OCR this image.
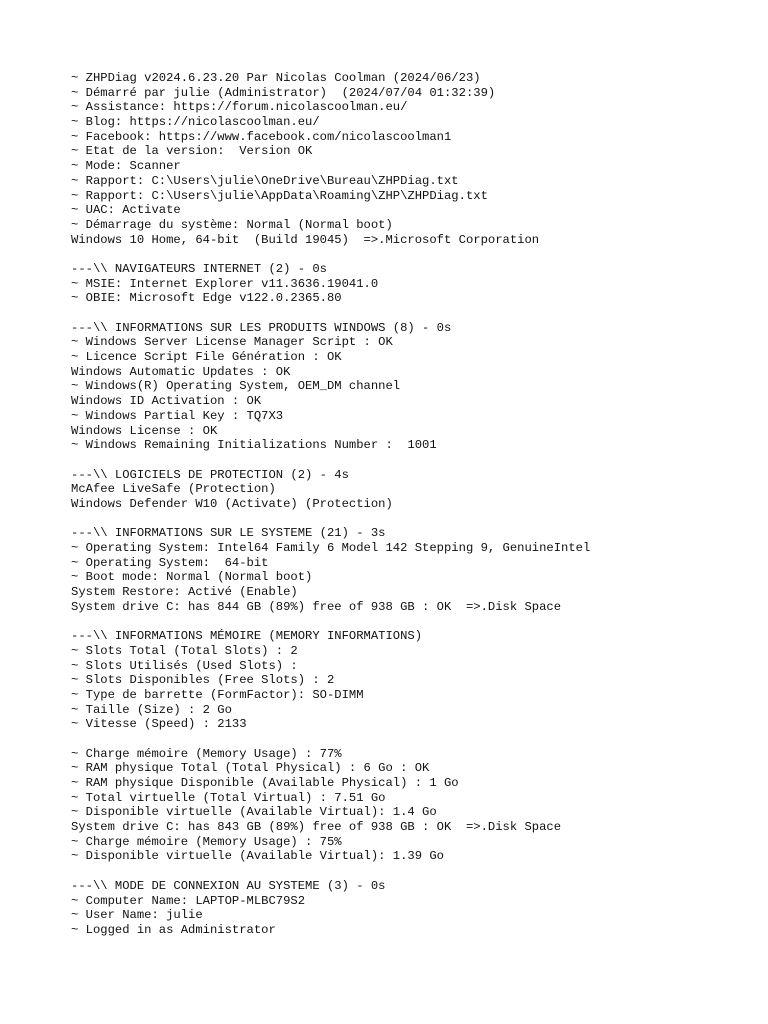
~ ZHPDiag v2024.6.23.20 Par Nicolas Coolman (2024/06/23)
~ Démarré par julie (Administrator)  (2024/07/04 01:32:39)
~ Assistance: https://forum.nicolascoolman.eu/
~ Blog: https://nicolascoolman.eu/
~ Facebook: https://www.facebook.com/nicolascoolman1
~ Etat de la version:  Version OK
~ Mode: Scanner
~ Rapport: C:\Users\julie\OneDrive\Bureau\ZHPDiag.txt
~ Rapport: C:\Users\julie\AppData\Roaming\ZHP\ZHPDiag.txt
~ UAC: Activate
~ Démarrage du système: Normal (Normal boot)
Windows 10 Home, 64-bit  (Build 19045)  =>.Microsoft Corporation
---\\ NAVIGATEURS INTERNET (2) - 0s
~ MSIE: Internet Explorer v11.3636.19041.0
~ OBIE: Microsoft Edge v122.0.2365.80
---\\ INFORMATIONS SUR LES PRODUITS WINDOWS (8) - 0s
~ Windows Server License Manager Script : OK
~ Licence Script File Génération : OK
Windows Automatic Updates : OK
~ Windows(R) Operating System, OEM_DM channel
Windows ID Activation : OK
~ Windows Partial Key : TQ7X3
Windows License : OK
~ Windows Remaining Initializations Number :  1001
---\\ LOGICIELS DE PROTECTION (2) - 4s
McAfee LiveSafe (Protection)
Windows Defender W10 (Activate) (Protection)
---\\ INFORMATIONS SUR LE SYSTEME (21) - 3s
~ Operating System: Intel64 Family 6 Model 142 Stepping 9, GenuineIntel
~ Operating System:  64-bit
~ Boot mode: Normal (Normal boot)
System Restore: Activé (Enable)
System drive C: has 844 GB (89%) free of 938 GB : OK  =>.Disk Space
---\\ INFORMATIONS MÉMOIRE (MEMORY INFORMATIONS)
~ Slots Total (Total Slots) : 2
~ Slots Utilisés (Used Slots) :
~ Slots Disponibles (Free Slots) : 2
~ Type de barrette (FormFactor): SO-DIMM
~ Taille (Size) : 2 Go
~ Vitesse (Speed) : 2133
~ Charge mémoire (Memory Usage) : 77%
~ RAM physique Total (Total Physical) : 6 Go : OK
~ RAM physique Disponible (Available Physical) : 1 Go
~ Total virtuelle (Total Virtual) : 7.51 Go
~ Disponible virtuelle (Available Virtual): 1.4 Go
System drive C: has 843 GB (89%) free of 938 GB : OK  =>.Disk Space
~ Charge mémoire (Memory Usage) : 75%
~ Disponible virtuelle (Available Virtual): 1.39 Go
---\\ MODE DE CONNEXION AU SYSTEME (3) - 0s
~ Computer Name: LAPTOP-MLBC79S2
~ User Name: julie
~ Logged in as Administrator
